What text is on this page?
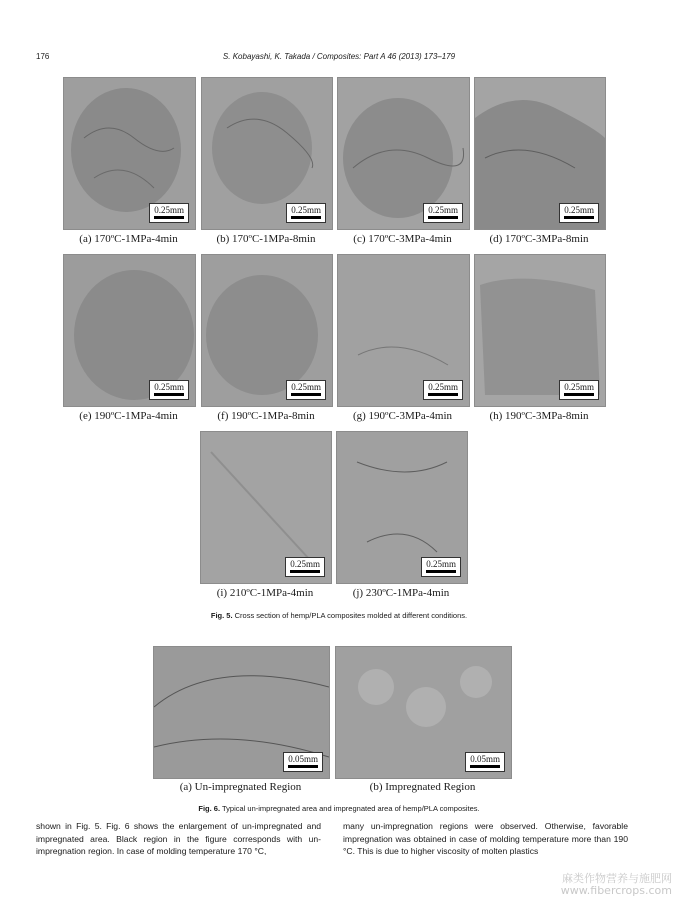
176	S. Kobayashi, K. Takada / Composites: Part A 46 (2013) 173–179
0.25mm	0.25mm	0.25mm	0.25mm
(a) 170ºC-1MPa-4min	(b) 170ºC-1MPa-8min	(c) 170ºC-3MPa-4min	(d) 170ºC-3MPa-8min
0.25mm	0.25mm	0.25mm	0.25mm
(e) 190ºC-1MPa-4min	(f) 190ºC-1MPa-8min	(g) 190ºC-3MPa-4min	(h) 190ºC-3MPa-8min
0.25mm	0.25mm
(i) 210ºC-1MPa-4min	(j) 230ºC-1MPa-4min
Fig. 5. Cross section of hemp/PLA composites molded at different conditions.
0.05mm	0.05mm
(a) Un-impregnated Region	(b) Impregnated Region
Fig. 6. Typical un-impregnated area and impregnated area of hemp/PLA composites.
shown in Fig. 5. Fig. 6 shows the enlargement of un-impregnated and impregnated area. Black region in the figure corresponds with un-impregnation region. In case of molding temperature 170 °C,
many un-impregnation regions were observed. Otherwise, favorable impregnation was obtained in case of molding temperature more than 190 °C. This is due to higher viscosity of molten plastics
麻类作物营养与施肥网
www.fibercrops.com
